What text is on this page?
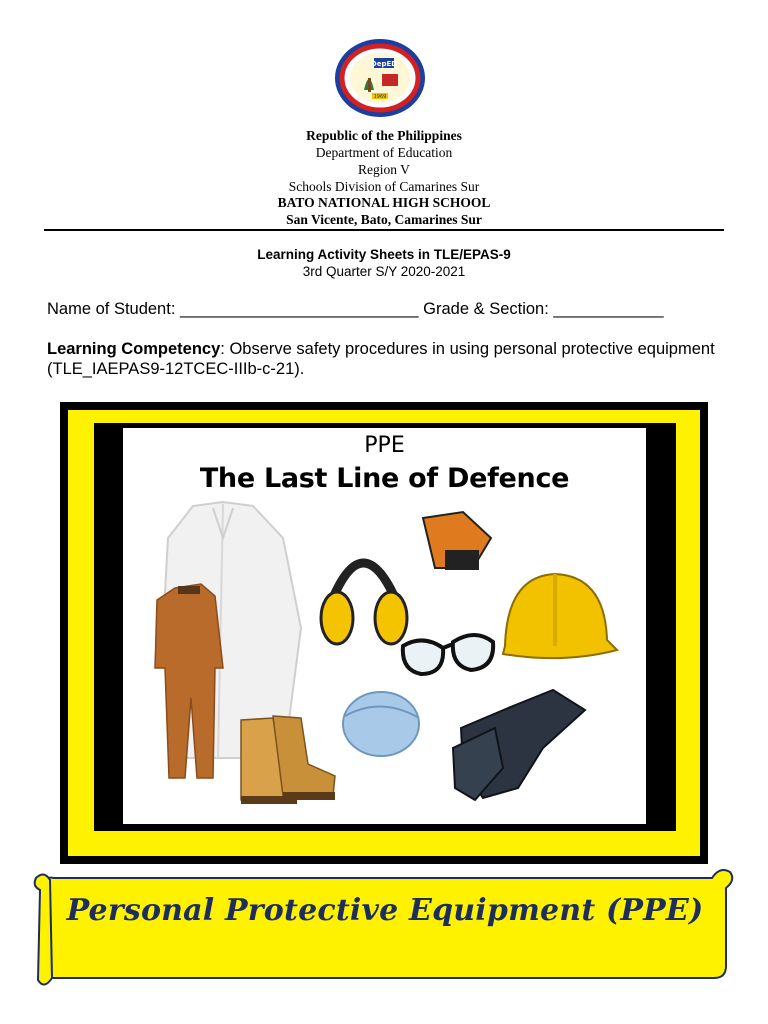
DepED
1969
Republic of the Philippines
Department of Education
Region V
Schools Division of Camarines Sur
BATO NATIONAL HIGH SCHOOL
San Vicente, Bato, Camarines Sur
Learning Activity Sheets in TLE/EPAS-9
3rd Quarter S/Y 2020-2021
Name of Student: __________________________ Grade & Section: ____________
Learning Competency: Observe safety procedures in using personal protective equipment (TLE_IAEPAS9-12TCEC-IIIb-c-21).
PPE
The Last Line of Defence
Personal Protective Equipment (PPE)
